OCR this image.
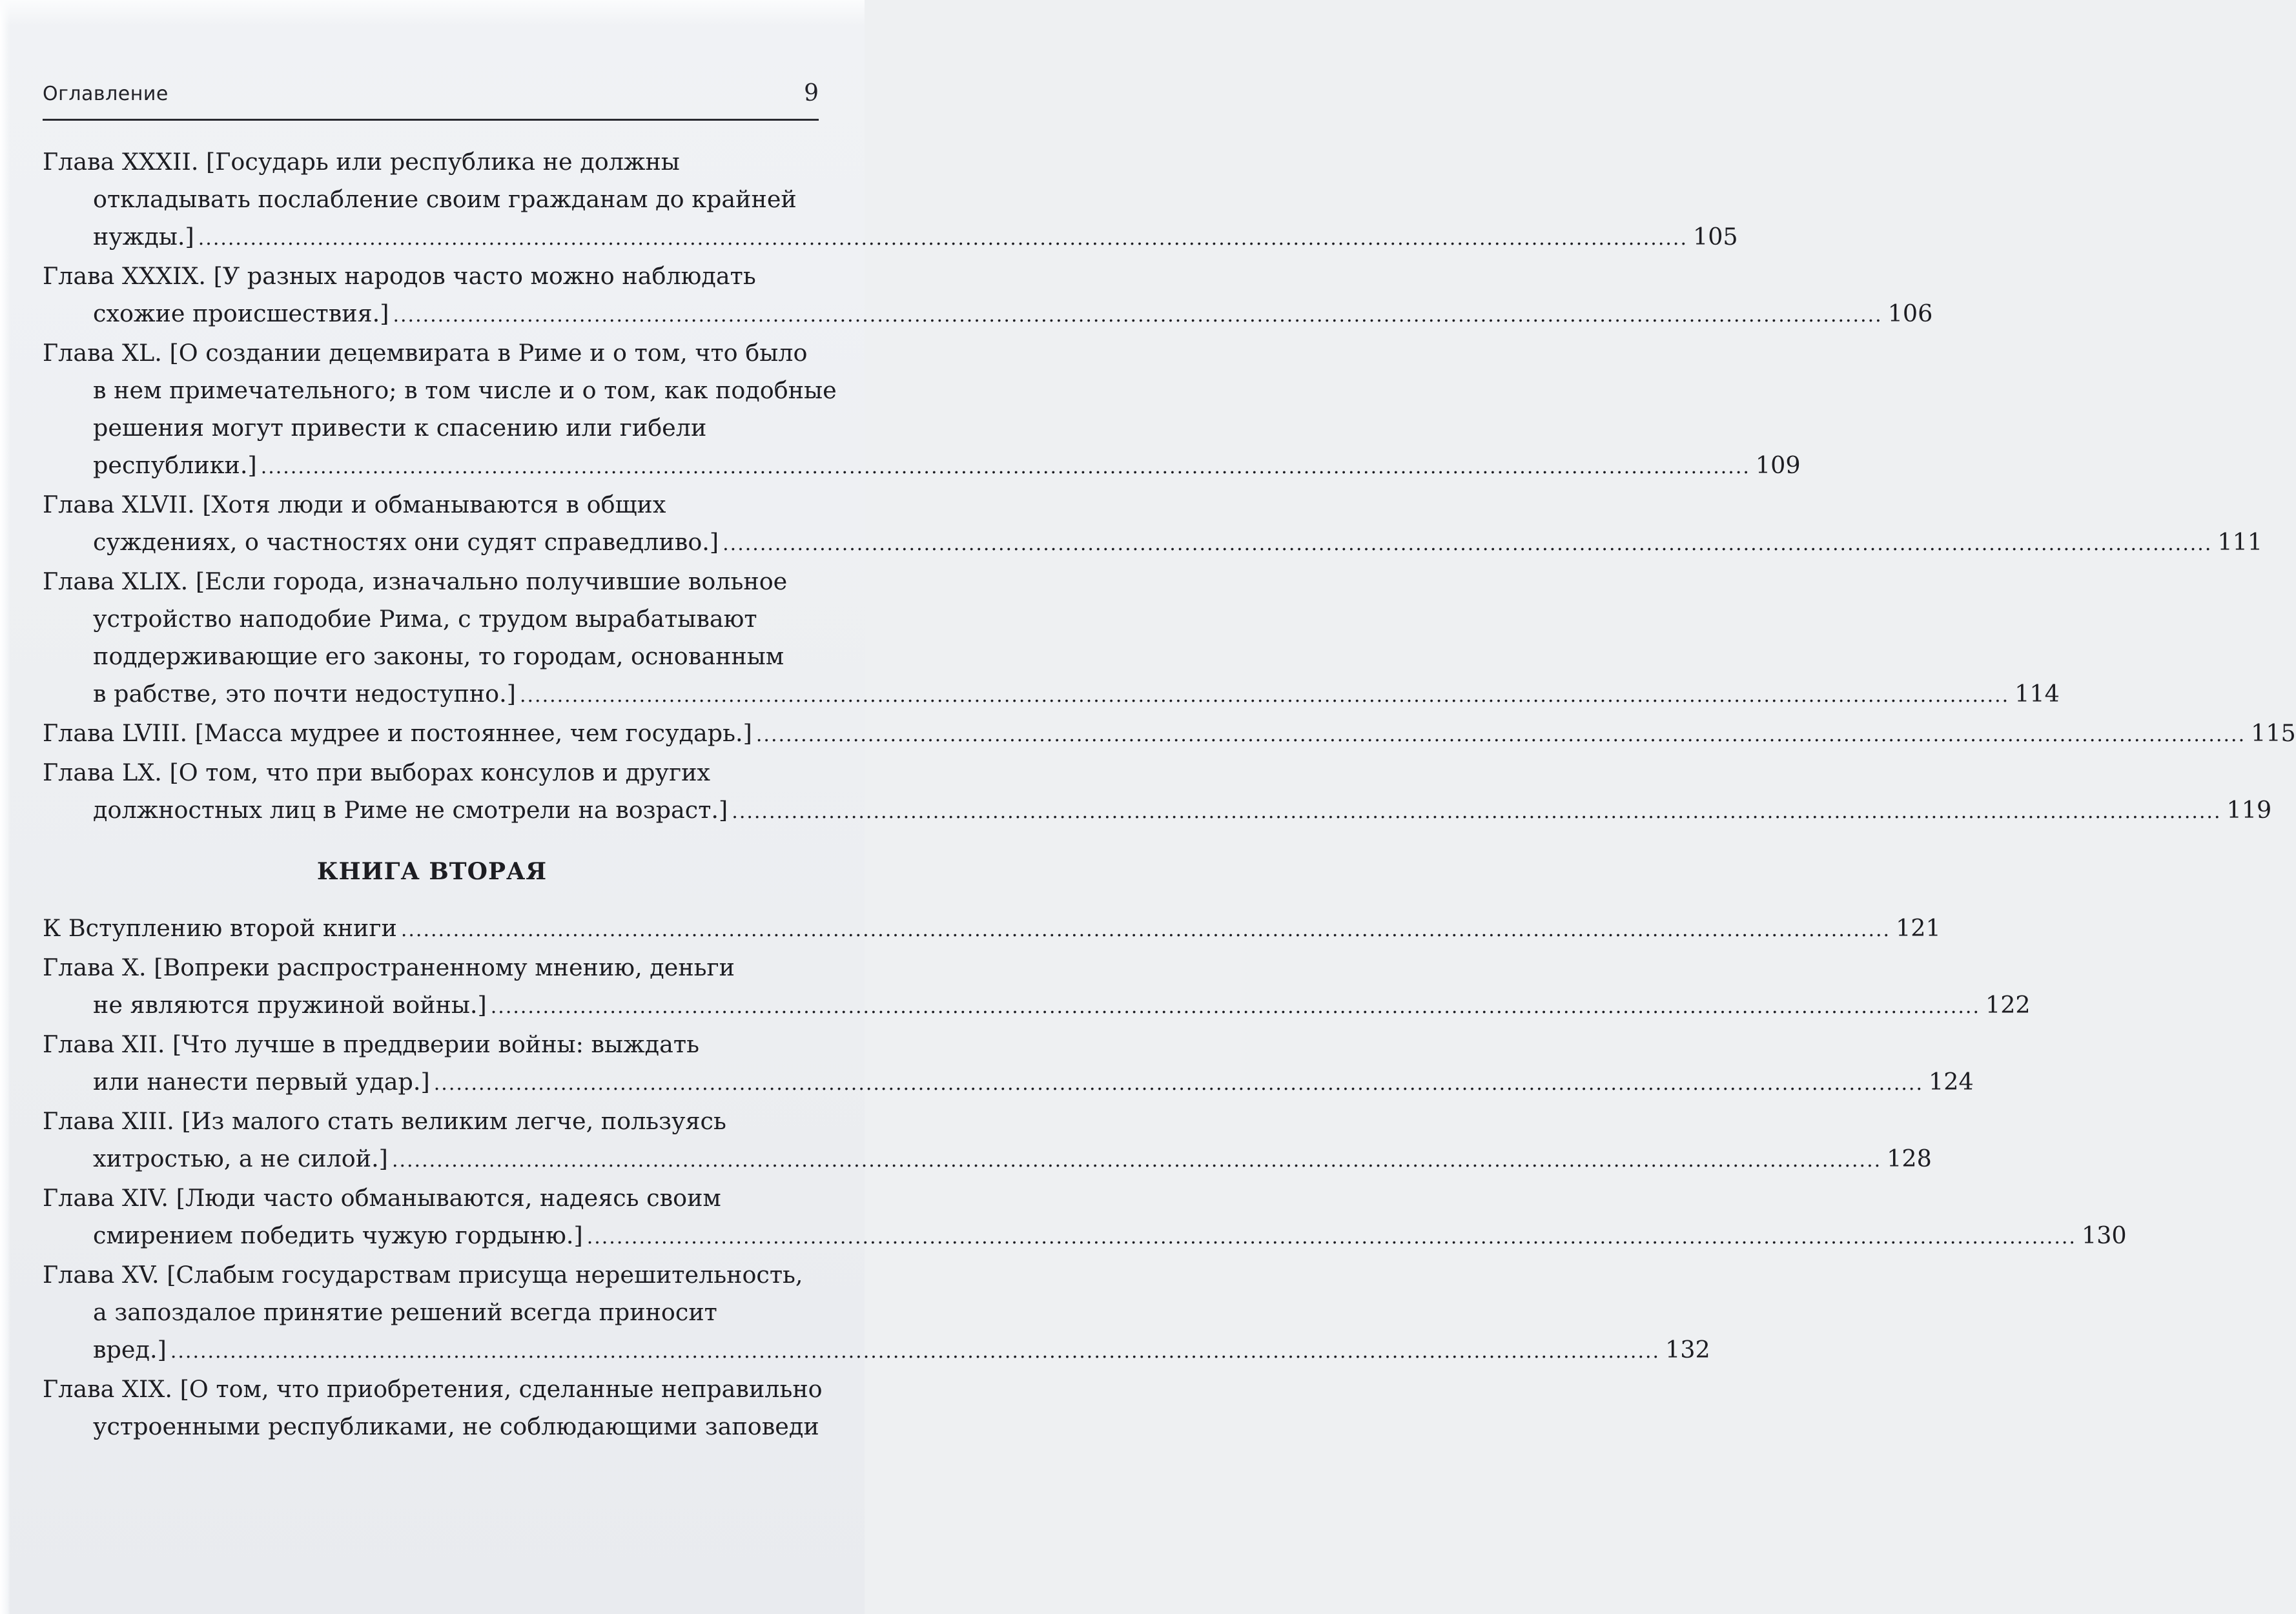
Оглавление	9
Глава XXXII. [Государь или республика не должны
откладывать послабление своим гражданам до крайней
нужды.] ........................................................................................................................................................................................................ 105
Глава XXXIX. [У разных народов часто можно наблюдать
схожие происшествия.] ........................................................................................................................................................................................................ 106
Глава XL. [О создании децемвирата в Риме и о том, что было
в нем примечательного; в том числе и о том, как подобные
решения могут привести к спасению или гибели
республики.] ........................................................................................................................................................................................................ 109
Глава XLVII. [Хотя люди и обманываются в общих
суждениях, о частностях они судят справедливо.] ........................................................................................................................................................................................................ 111
Глава XLIX. [Если города, изначально получившие вольное
устройство наподобие Рима, с трудом вырабатывают
поддерживающие его законы, то городам, основанным
в рабстве, это почти недоступно.] ........................................................................................................................................................................................................ 114
Глава LVIII. [Масса мудрее и постояннее, чем государь.] ........................................................................................................................................................................................................ 115
Глава LX. [О том, что при выборах консулов и других
должностных лиц в Риме не смотрели на возраст.] ........................................................................................................................................................................................................ 119
КНИГА ВТОРАЯ
К Вступлению второй книги ........................................................................................................................................................................................................ 121
Глава X. [Вопреки распространенному мнению, деньги
не являются пружиной войны.] ........................................................................................................................................................................................................ 122
Глава XII. [Что лучше в преддверии войны: выждать
или нанести первый удар.] ........................................................................................................................................................................................................ 124
Глава XIII. [Из малого стать великим легче, пользуясь
хитростью, а не силой.] ........................................................................................................................................................................................................ 128
Глава XIV. [Люди часто обманываются, надеясь своим
смирением победить чужую гордыню.] ........................................................................................................................................................................................................ 130
Глава XV. [Слабым государствам присуща нерешительность,
а запоздалое принятие решений всегда приносит
вред.] ........................................................................................................................................................................................................ 132
Глава XIX. [О том, что приобретения, сделанные неправильно
устроенными республиками, не соблюдающими заповеди
